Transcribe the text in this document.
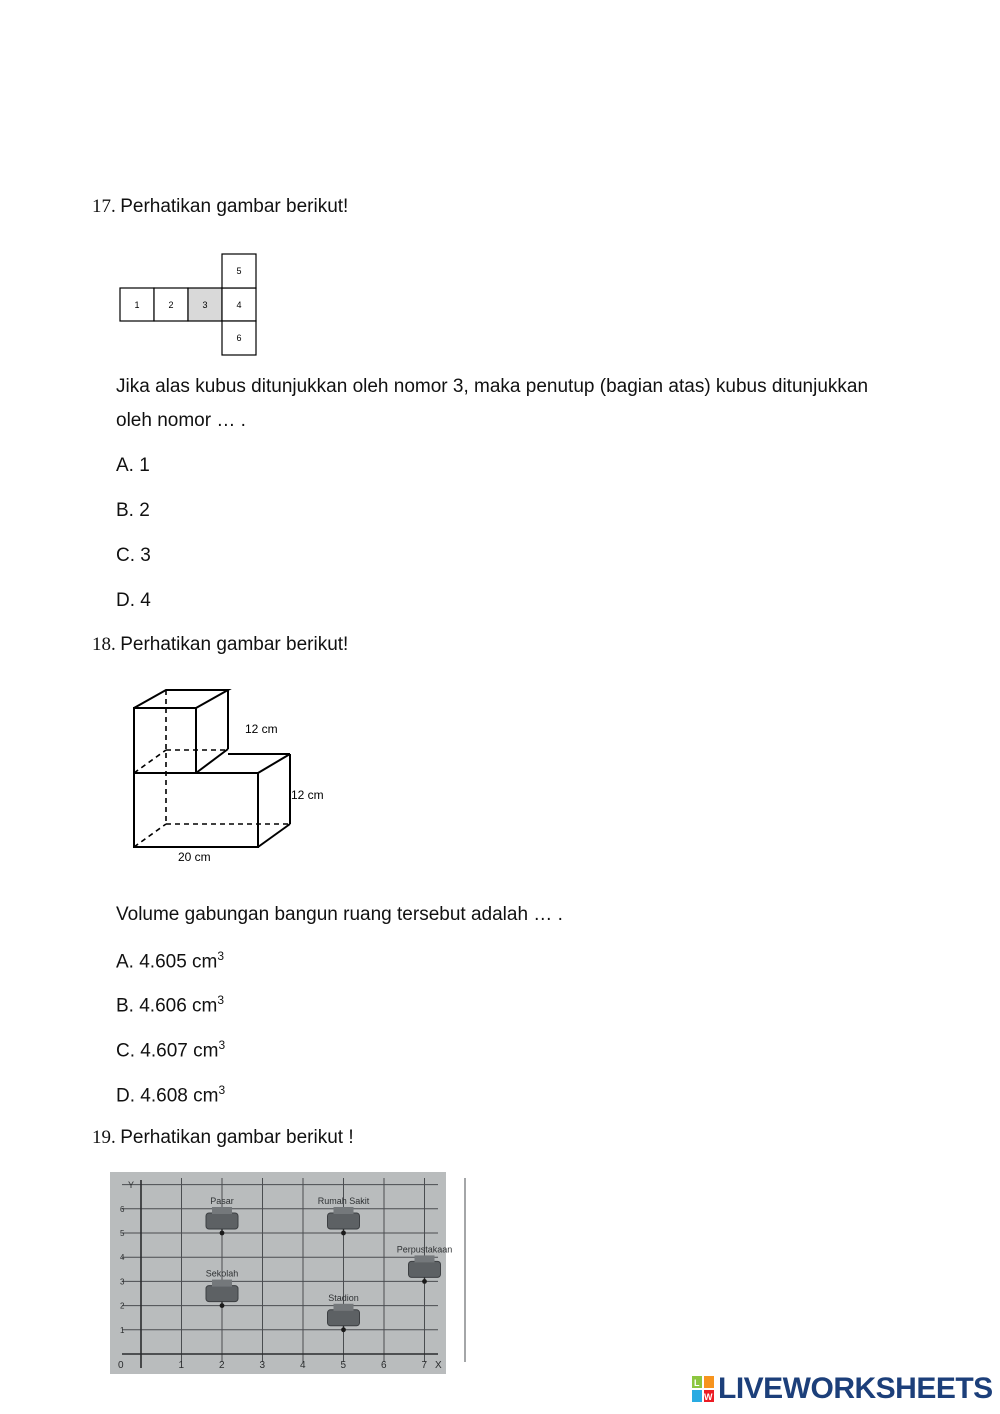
17. Perhatikan gambar berikut!
1	2	3	4
5
6
Jika alas kubus ditunjukkan oleh nomor 3, maka penutup (bagian atas) kubus ditunjukkan
oleh nomor … .
A. 1
B. 2
C. 3
D. 4
18. Perhatikan gambar berikut!
12 cm
12 cm
20 cm
Volume gabungan bangun ruang tersebut adalah … .
A. 4.605 $cm^3$
B. 4.606 $cm^3$
C. 4.607 $cm^3$
D. 4.608 $cm^3$
19. Perhatikan gambar berikut !
X
Y
0	1	2	3	4	5	6	7
1
2
3
4
5
6
Pasar	Rumah Sakit
Perpustakaan
Sekolah
Stadion
L
W LIVEWORKSHEETS
